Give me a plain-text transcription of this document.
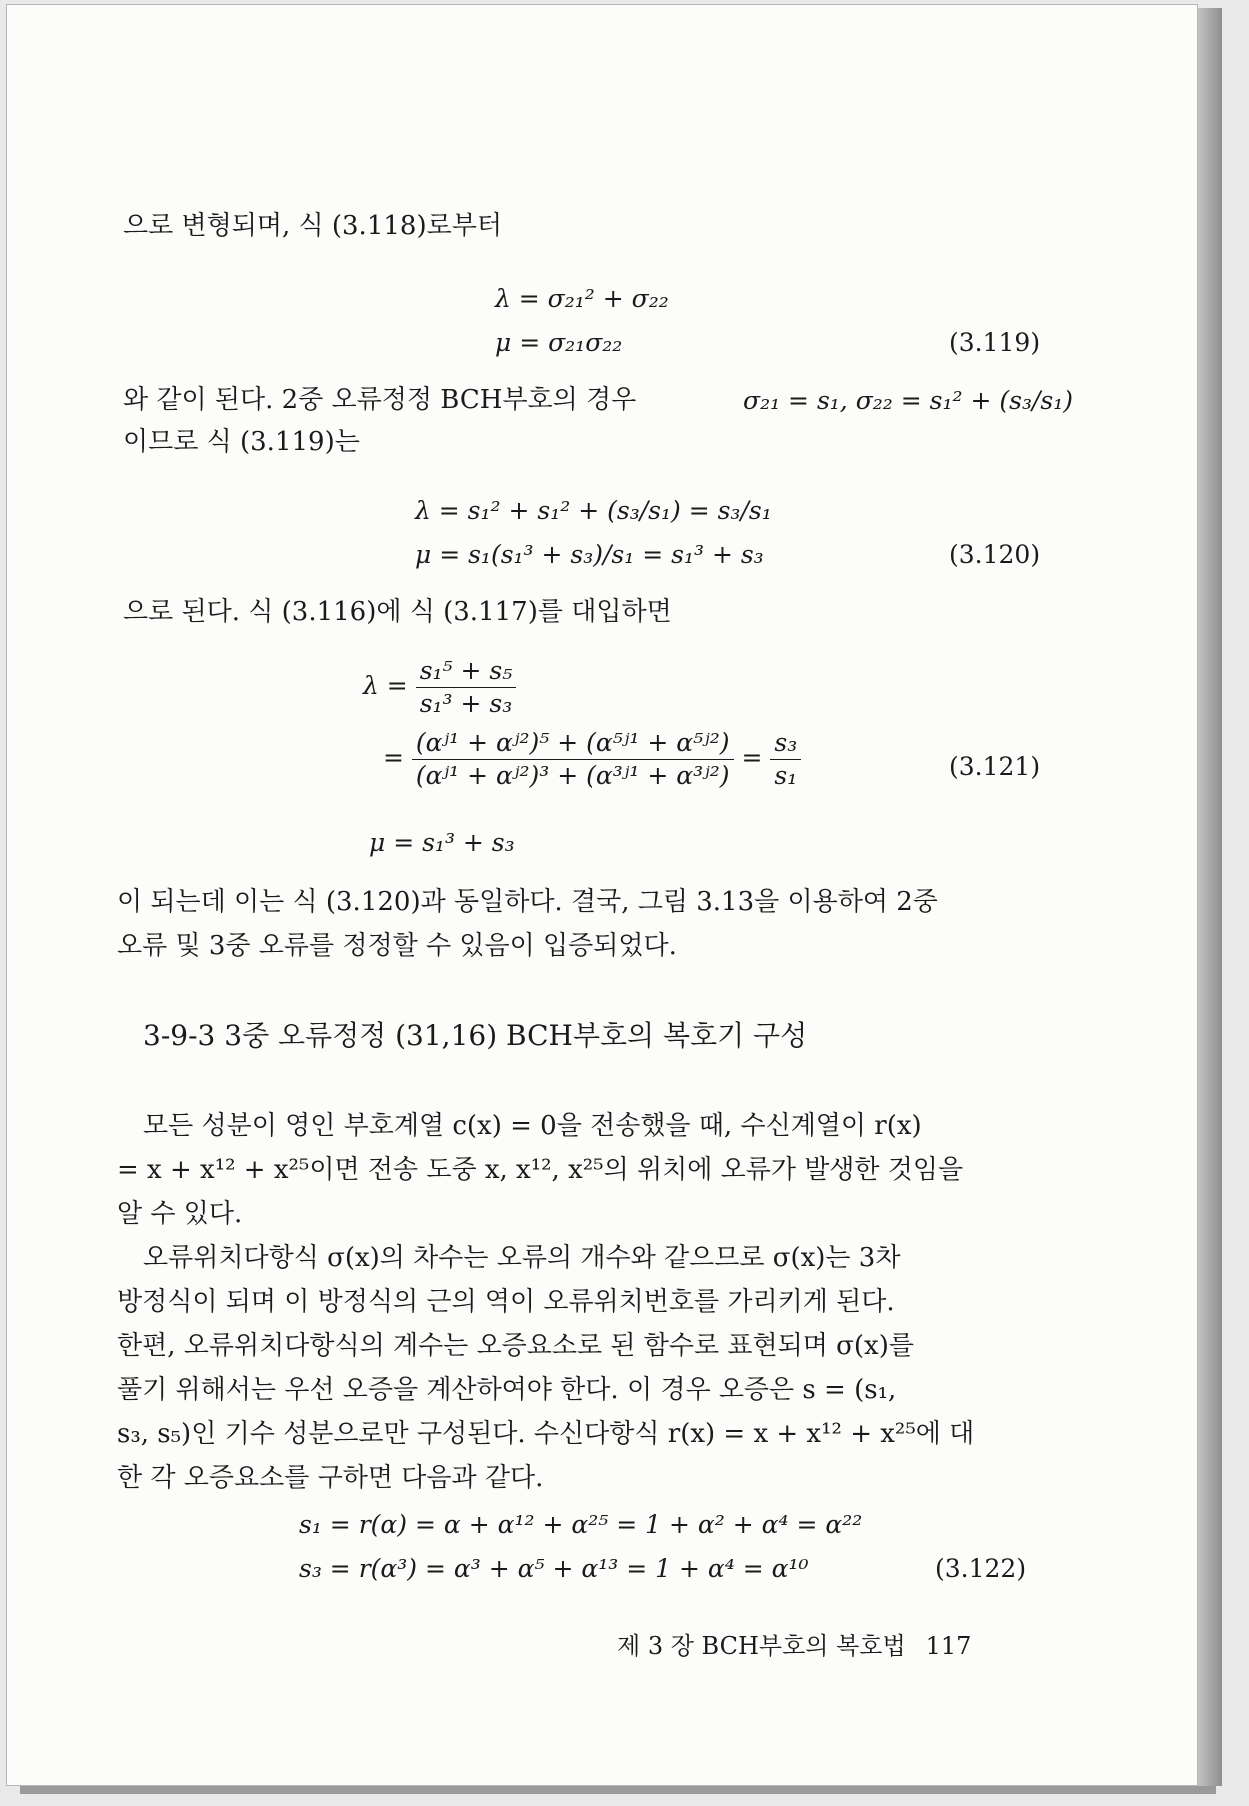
으로 변형되며, 식 (3.118)로부터
λ = σ₂₁² + σ₂₂
μ = σ₂₁σ₂₂	(3.119)
와 같이 된다. 2중 오류정정 BCH부호의 경우	σ₂₁ = s₁, σ₂₂ = s₁² + (s₃/s₁)
이므로 식 (3.119)는
λ = s₁² + s₁² + (s₃/s₁) = s₃/s₁
μ = s₁(s₁³ + s₃)/s₁ = s₁³ + s₃	(3.120)
으로 된다. 식 (3.116)에 식 (3.117)를 대입하면
$\lambda = \frac{\text{s₁⁵ + s₅}}{\text{s₁³ + s₃}}$
= $\frac{\text{(αʲ¹ + αʲ²)⁵ + (α⁵ʲ¹ + α⁵ʲ²)}}{\text{(αʲ¹ + αʲ²)³ + (α³ʲ¹ + α³ʲ²)}} = \frac{\text{s₃}}{\text{s₁}}$	(3.121)
μ = s₁³ + s₃
이 되는데 이는 식 (3.120)과 동일하다. 결국, 그림 3.13을 이용하여 2중
오류 및 3중 오류를 정정할 수 있음이 입증되었다.
3-9-3 3중 오류정정 (31,16) BCH부호의 복호기 구성
모든 성분이 영인 부호계열 c(x) = 0을 전송했을 때, 수신계열이 r(x)
= x + x¹² + x²⁵이면 전송 도중 x, x¹², x²⁵의 위치에 오류가 발생한 것임을
알 수 있다.
오류위치다항식 σ(x)의 차수는 오류의 개수와 같으므로 σ(x)는 3차
방정식이 되며 이 방정식의 근의 역이 오류위치번호를 가리키게 된다.
한편, 오류위치다항식의 계수는 오증요소로 된 함수로 표현되며 σ(x)를
풀기 위해서는 우선 오증을 계산하여야 한다. 이 경우 오증은 s = (s₁,
s₃, s₅)인 기수 성분으로만 구성된다. 수신다항식 r(x) = x + x¹² + x²⁵에 대
한 각 오증요소를 구하면 다음과 같다.
s₁ = r(α) = α + α¹² + α²⁵ = 1 + α² + α⁴ = α²²
s₃ = r(α³) = α³ + α⁵ + α¹³ = 1 + α⁴ = α¹⁰	(3.122)
제 3 장 BCH부호의 복호법 117
